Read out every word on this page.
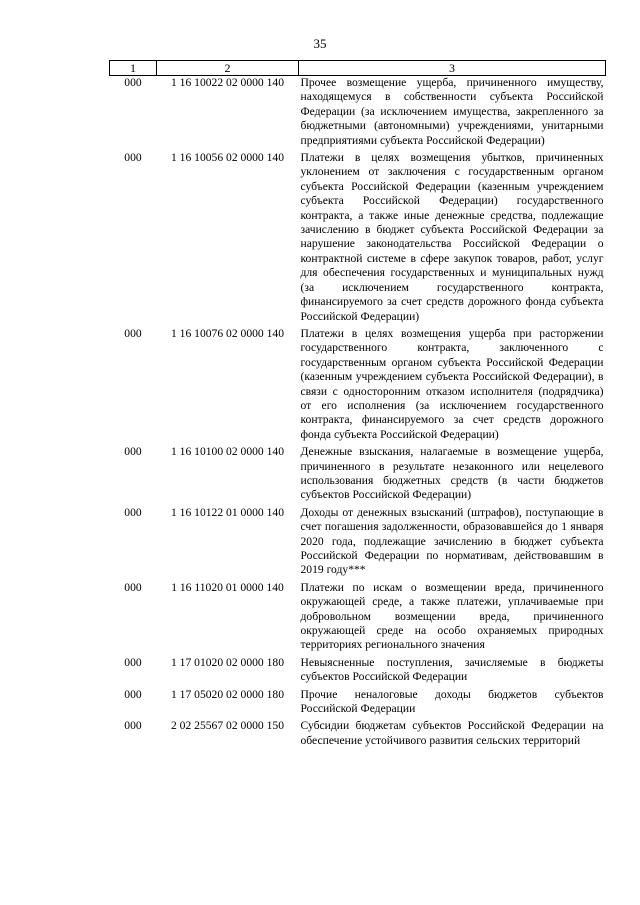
35
1	2	3
000	1 16 10022 02 0000 140	Прочее возмещение ущерба, причиненного имуществу, находящемуся в собственности субъекта Российской Федерации (за исключением имущества, закрепленного за бюджетными (автономными) учреждениями, унитарными предприятиями субъекта Российской Федерации)
000	1 16 10056 02 0000 140	Платежи в целях возмещения убытков, причиненных уклонением от заключения с государственным органом субъекта Российской Федерации (казенным учреждением субъекта Российской Федерации) государственного контракта, а также иные денежные средства, подлежащие зачислению в бюджет субъекта Российской Федерации за нарушение законодательства Российской Федерации о контрактной системе в сфере закупок товаров, работ, услуг для обеспечения государственных и муниципальных нужд (за исключением государственного контракта, финансируемого за счет средств дорожного фонда субъекта Российской Федерации)
000	1 16 10076 02 0000 140	Платежи в целях возмещения ущерба при расторжении государственного контракта, заключенного с государственным органом субъекта Российской Федерации (казенным учреждением субъекта Российской Федерации), в связи с односторонним отказом исполнителя (подрядчика) от его исполнения (за исключением государственного контракта, финансируемого за счет средств дорожного фонда субъекта Российской Федерации)
000	1 16 10100 02 0000 140	Денежные взыскания, налагаемые в возмещение ущерба, причиненного в результате незаконного или нецелевого использования бюджетных средств (в части бюджетов субъектов Российской Федерации)
000	1 16 10122 01 0000 140	Доходы от денежных взысканий (штрафов), поступающие в счет погашения задолженности, образовавшейся до 1 января 2020 года, подлежащие зачислению в бюджет субъекта Российской Федерации по нормативам, действовавшим в 2019 году***
000	1 16 11020 01 0000 140	Платежи по искам о возмещении вреда, причиненного окружающей среде, а также платежи, уплачиваемые при добровольном возмещении вреда, причиненного окружающей среде на особо охраняемых природных территориях регионального значения
000	1 17 01020 02 0000 180	Невыясненные поступления, зачисляемые в бюджеты субъектов Российской Федерации
000	1 17 05020 02 0000 180	Прочие неналоговые доходы бюджетов субъектов Российской Федерации
000	2 02 25567 02 0000 150	Субсидии бюджетам субъектов Российской Федерации на обеспечение устойчивого развития сельских территорий
